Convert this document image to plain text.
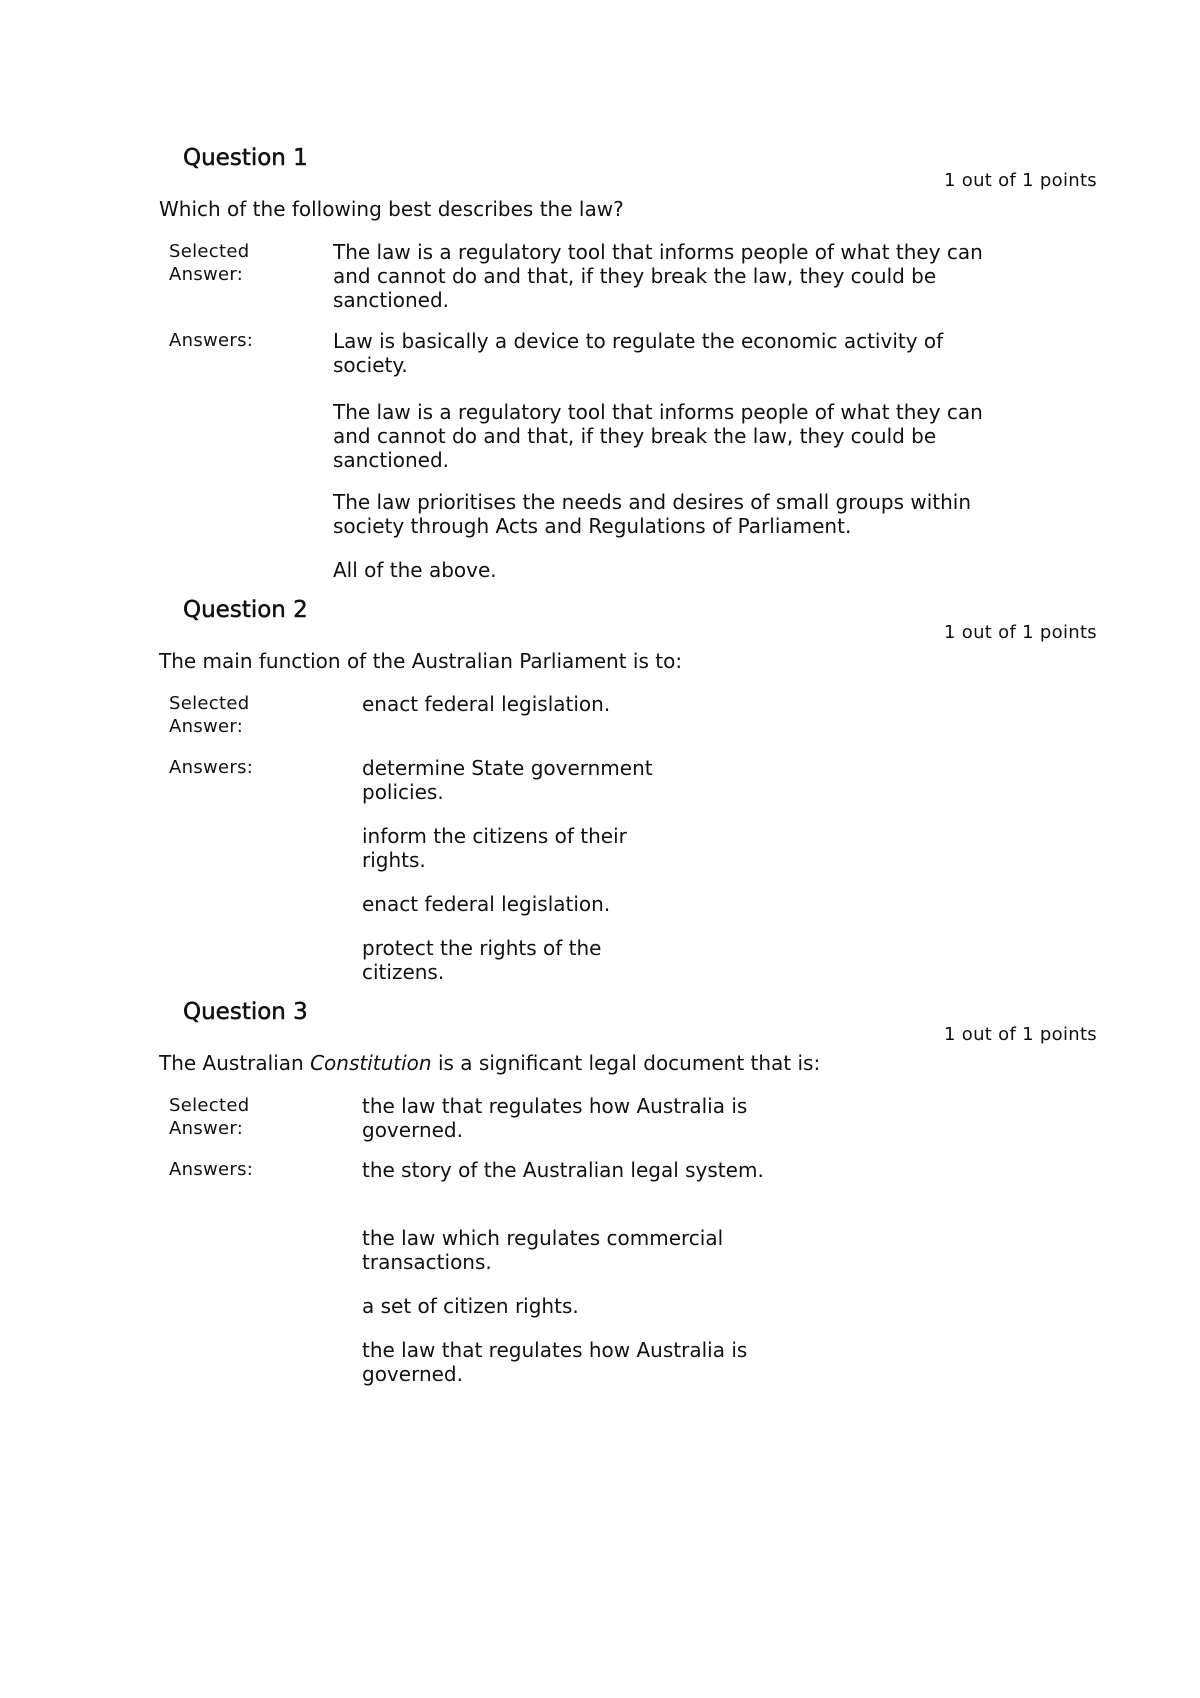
Question 1
1 out of 1 points
Which of the following best describes the law?
Selected
Answer:
The law is a regulatory tool that informs people of what they can and cannot do and that, if they break the law, they could be sanctioned.
Answers:	Law is basically a device to regulate the economic activity of society.
The law is a regulatory tool that informs people of what they can and cannot do and that, if they break the law, they could be sanctioned.
The law prioritises the needs and desires of small groups within society through Acts and Regulations of Parliament.
All of the above.
Question 2
1 out of 1 points
The main function of the Australian Parliament is to:
Selected
Answer:
enact federal legislation.
Answers:	determine State government policies.
inform the citizens of their rights.
enact federal legislation.
protect the rights of the citizens.
Question 3
1 out of 1 points
The Australian Constitution is a significant legal document that is:
Selected
Answer:
the law that regulates how Australia is governed.
Answers:	the story of the Australian legal system.
the law which regulates commercial transactions.
a set of citizen rights.
the law that regulates how Australia is governed.
